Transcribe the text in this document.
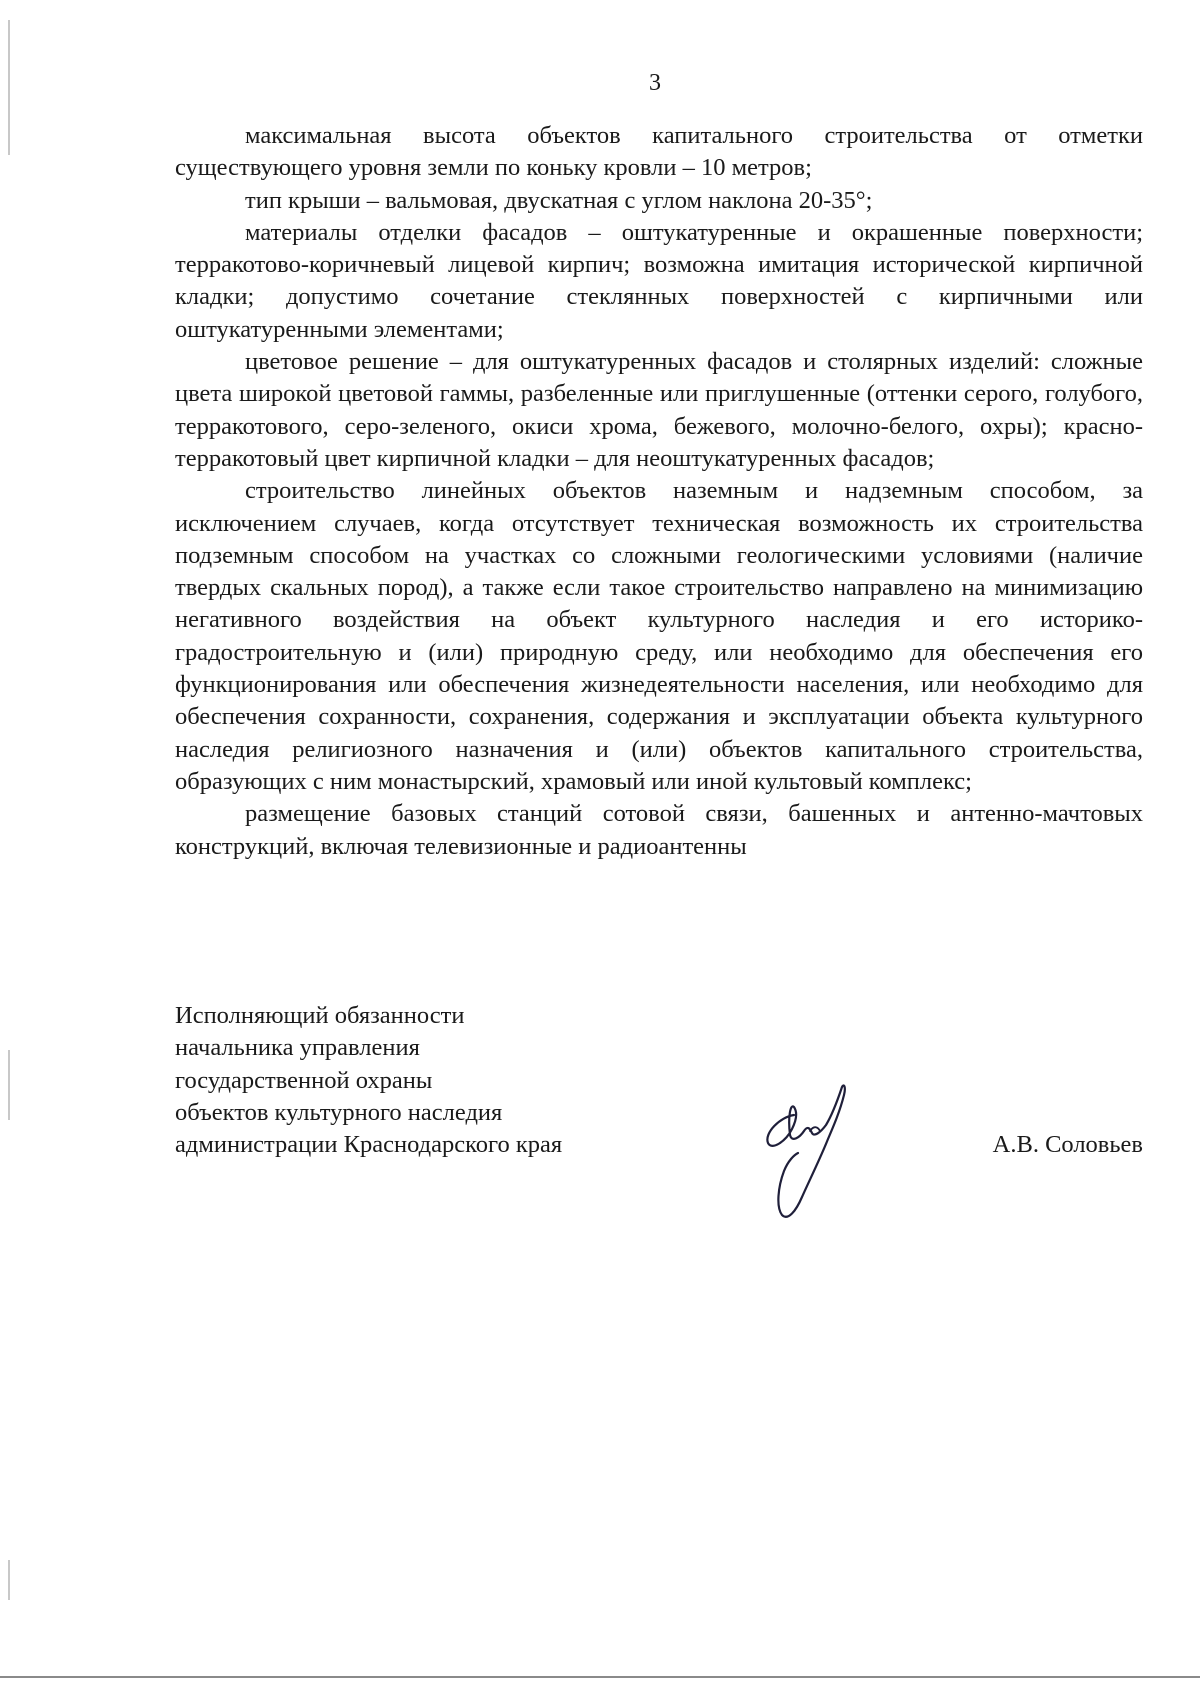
3

максимальная высота объектов капитального строительства от отметки существующего уровня земли по коньку кровли – 10 метров;

тип крыши – вальмовая, двускатная с углом наклона 20-35°;

материалы отделки фасадов – оштукатуренные и окрашенные поверхности; терракотово-коричневый лицевой кирпич; возможна имитация исторической кирпичной кладки; допустимо сочетание стеклянных поверхностей с кирпичными или оштукатуренными элементами;

цветовое решение – для оштукатуренных фасадов и столярных изделий: сложные цвета широкой цветовой гаммы, разбеленные или приглушенные (оттенки серого, голубого, терракотового, серо-зеленого, окиси хрома, бежевого, молочно-белого, охры); красно-терракотовый цвет кирпичной кладки – для неоштукатуренных фасадов;

строительство линейных объектов наземным и надземным способом, за исключением случаев, когда отсутствует техническая возможность их строительства подземным способом на участках со сложными геологическими условиями (наличие твердых скальных пород), а также если такое строительство направлено на минимизацию негативного воздействия на объект культурного наследия и его историко-градостроительную и (или) природную среду, или необходимо для обеспечения его функционирования или обеспечения жизнедеятельности населения, или необходимо для обеспечения сохранности, сохранения, содержания и эксплуатации объекта культурного наследия религиозного назначения и (или) объектов капитального строительства, образующих с ним монастырский, храмовый или иной культовый комплекс;

размещение базовых станций сотовой связи, башенных и антенно-мачтовых конструкций, включая телевизионные и радиоантенны

Исполняющий обязанности
начальника управления
государственной охраны
объектов культурного наследия
администрации Краснодарского края	А.В. Соловьев
